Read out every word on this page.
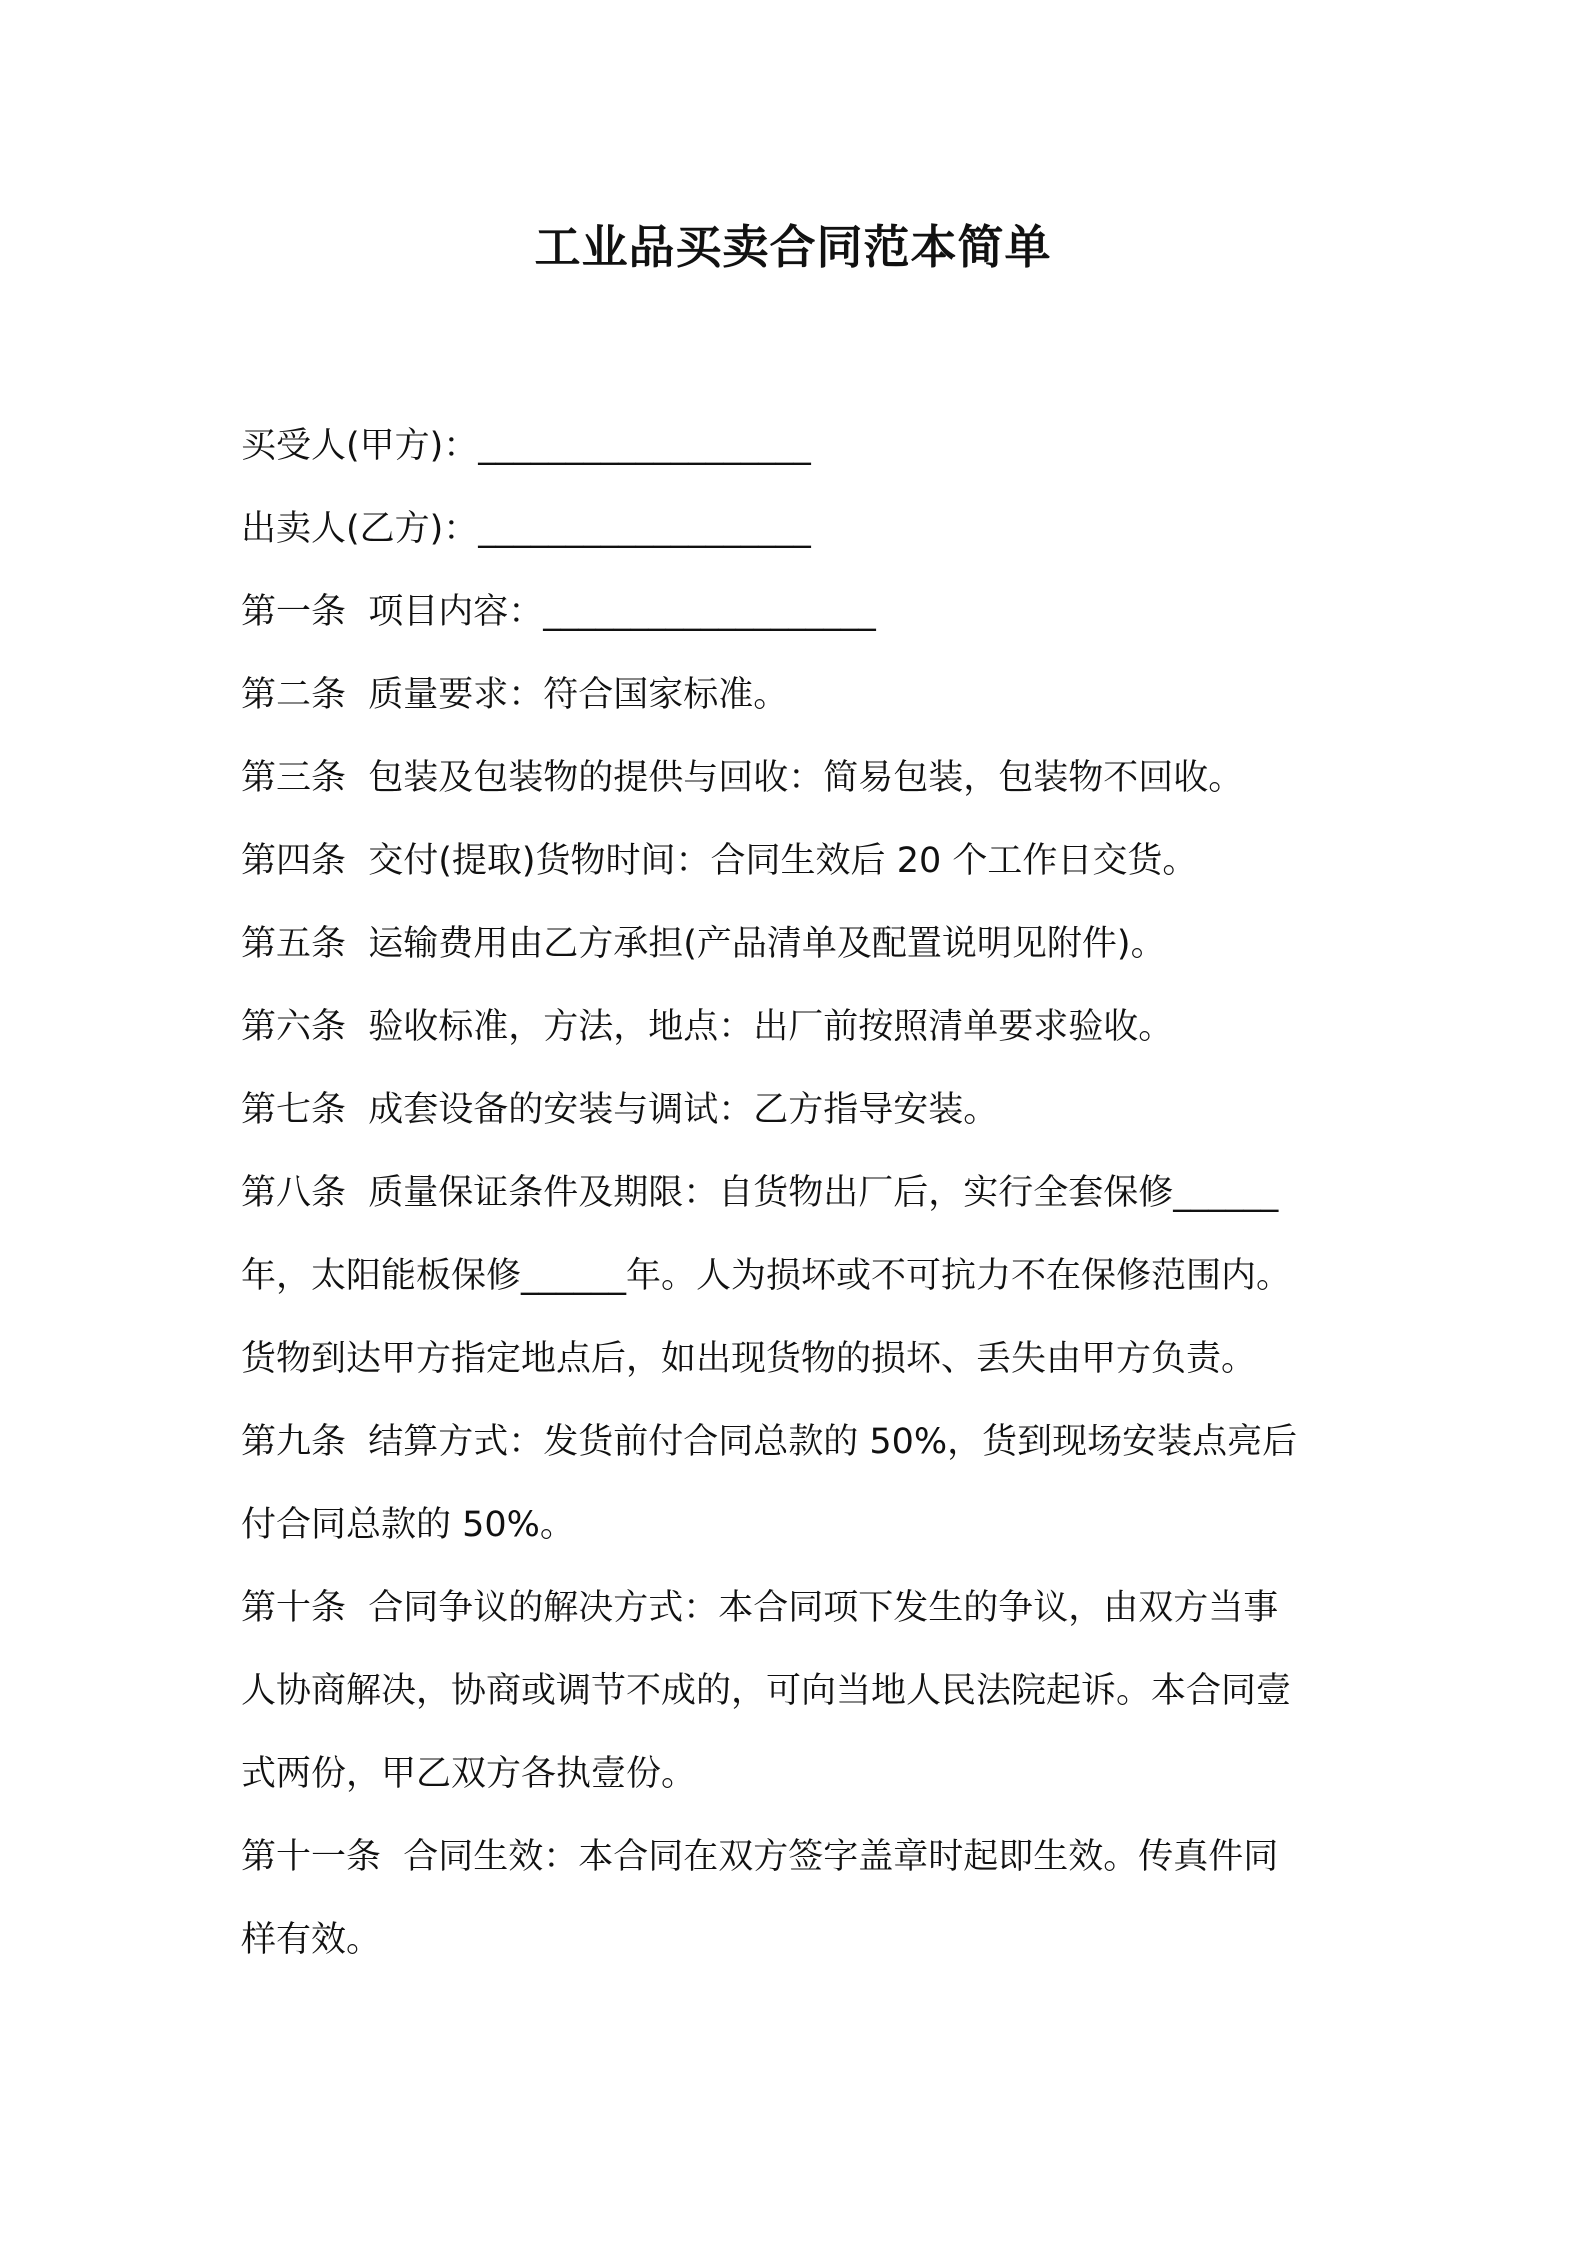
工业品买卖合同范本简单
买受人(甲方)：___________________
出卖人(乙方)：___________________
第一条  项目内容：___________________
第二条  质量要求：符合国家标准。
第三条  包装及包装物的提供与回收：简易包装，包装物不回收。
第四条  交付(提取)货物时间：合同生效后 20 个工作日交货。
第五条  运输费用由乙方承担(产品清单及配置说明见附件)。
第六条  验收标准，方法，地点：出厂前按照清单要求验收。
第七条  成套设备的安装与调试：乙方指导安装。
第八条  质量保证条件及期限：自货物出厂后，实行全套保修______
年，太阳能板保修______年。人为损坏或不可抗力不在保修范围内。
货物到达甲方指定地点后，如出现货物的损坏、丢失由甲方负责。
第九条  结算方式：发货前付合同总款的 50%，货到现场安装点亮后
付合同总款的 50%。
第十条  合同争议的解决方式：本合同项下发生的争议，由双方当事
人协商解决，协商或调节不成的，可向当地人民法院起诉。本合同壹
式两份，甲乙双方各执壹份。
第十一条  合同生效：本合同在双方签字盖章时起即生效。传真件同
样有效。
